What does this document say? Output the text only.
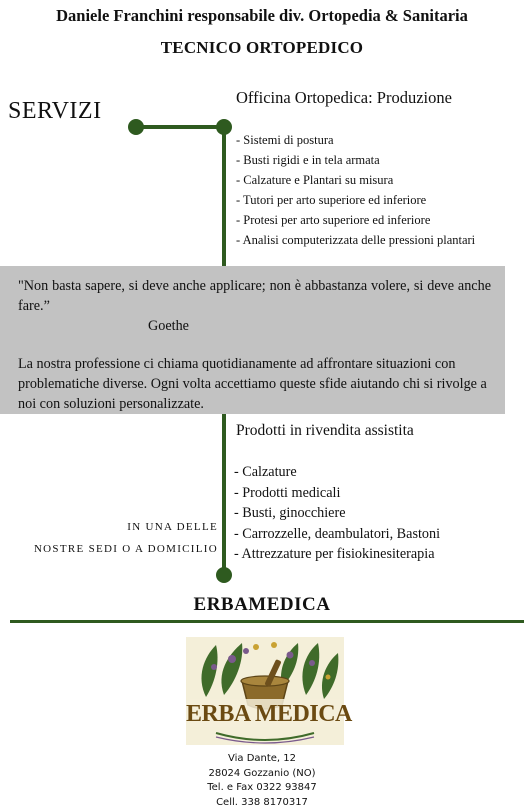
Daniele Franchini responsabile div. Ortopedia & Sanitaria
TECNICO ORTOPEDICO
SERVIZI
Officina Ortopedica: Produzione
- Sistemi di postura
- Busti rigidi e in tela armata
- Calzature e Plantari su misura
- Tutori per arto superiore ed inferiore
- Protesi per arto superiore ed inferiore
- Analisi computerizzata delle pressioni plantari
"Non basta sapere, si deve anche applicare; non è abbastanza volere, si deve anche fare.”
Goethe
La nostra professione ci chiama quotidianamente ad affrontare situazioni con problematiche diverse. Ogni volta accettiamo queste sfide aiutando chi si rivolge a noi con soluzioni personalizzate.
Prodotti in rivendita assistita
- Calzature
- Prodotti medicali
- Busti, ginocchiere
- Carrozzelle, deambulatori, Bastoni
- Attrezzature per fisiokinesiterapia
IN UNA DELLE
NOSTRE SEDI O A DOMICILIO
ERBAMEDICA
ERBA MEDICA
Via Dante, 12
28024 Gozzanio (NO)
Tel. e Fax 0322 93847
Cell. 338 8170317
